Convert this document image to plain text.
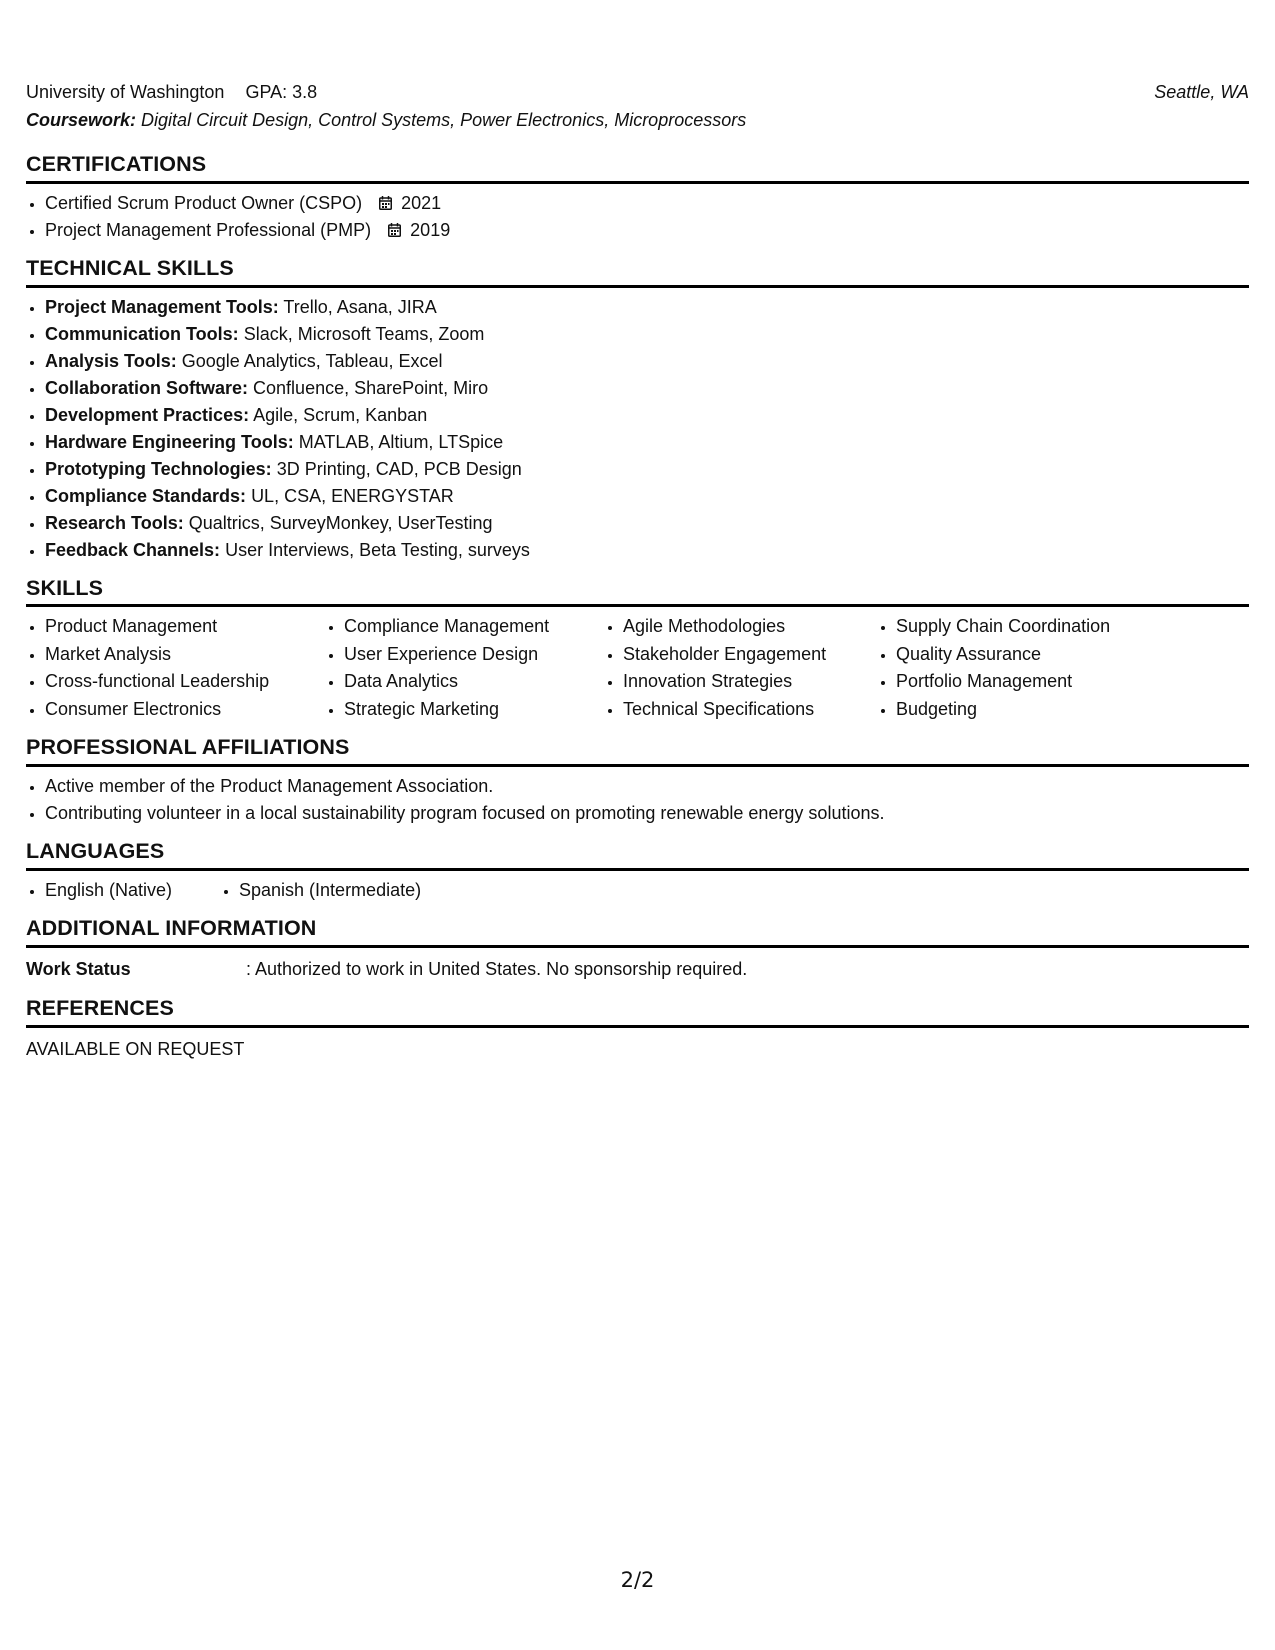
University of Washington GPA: 3.8	Seattle, WA
Coursework: Digital Circuit Design, Control Systems, Power Electronics, Microprocessors
CERTIFICATIONS
• Certified Scrum Product Owner (CSPO) 2021
• Project Management Professional (PMP) 2019
TECHNICAL SKILLS
• Project Management Tools: Trello, Asana, JIRA
• Communication Tools: Slack, Microsoft Teams, Zoom
• Analysis Tools: Google Analytics, Tableau, Excel
• Collaboration Software: Confluence, SharePoint, Miro
• Development Practices: Agile, Scrum, Kanban
• Hardware Engineering Tools: MATLAB, Altium, LTSpice
• Prototyping Technologies: 3D Printing, CAD, PCB Design
• Compliance Standards: UL, CSA, ENERGYSTAR
• Research Tools: Qualtrics, SurveyMonkey, UserTesting
• Feedback Channels: User Interviews, Beta Testing, surveys
SKILLS
• Product Management
• Market Analysis
• Cross-functional Leadership
• Consumer Electronics
• Compliance Management
• User Experience Design
• Data Analytics
• Strategic Marketing
• Agile Methodologies
• Stakeholder Engagement
• Innovation Strategies
• Technical Specifications
• Supply Chain Coordination
• Quality Assurance
• Portfolio Management
• Budgeting
PROFESSIONAL AFFILIATIONS
• Active member of the Product Management Association.
• Contributing volunteer in a local sustainability program focused on promoting renewable energy solutions.
LANGUAGES
• English (Native)
•	Spanish (Intermediate)
ADDITIONAL INFORMATION
Work Status	: Authorized to work in United States. No sponsorship required.
REFERENCES
AVAILABLE ON REQUEST
2/2
